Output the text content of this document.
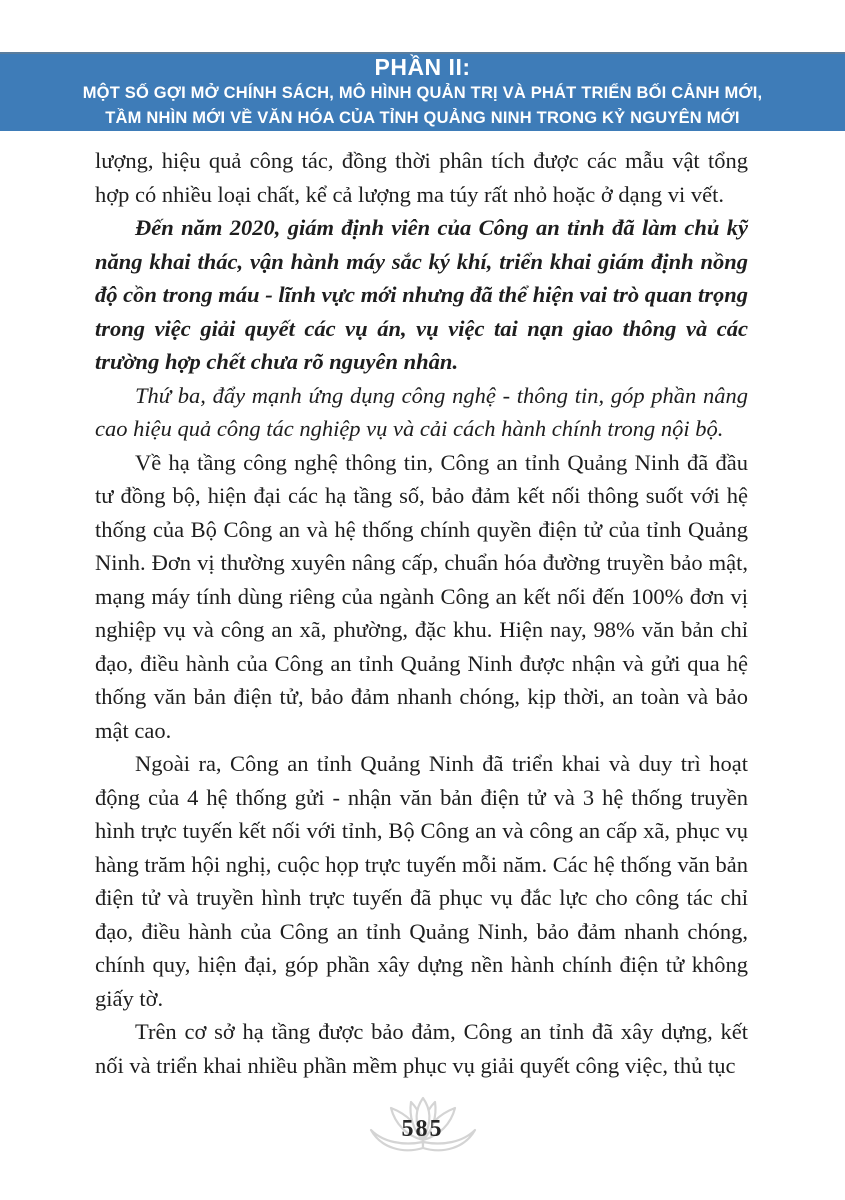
PHẦN II:
MỘT SỐ GỢI MỞ CHÍNH SÁCH, MÔ HÌNH QUẢN TRỊ VÀ PHÁT TRIỂN BỐI CẢNH MỚI,
TẦM NHÌN MỚI VỀ VĂN HÓA CỦA TỈNH QUẢNG NINH TRONG KỶ NGUYÊN MỚI

lượng, hiệu quả công tác, đồng thời phân tích được các mẫu vật tổng hợp có nhiều loại chất, kể cả lượng ma túy rất nhỏ hoặc ở dạng vi vết.

Đến năm 2020, giám định viên của Công an tỉnh đã làm chủ kỹ năng khai thác, vận hành máy sắc ký khí, triển khai giám định nồng độ cồn trong máu - lĩnh vực mới nhưng đã thể hiện vai trò quan trọng trong việc giải quyết các vụ án, vụ việc tai nạn giao thông và các trường hợp chết chưa rõ nguyên nhân.

Thứ ba, đẩy mạnh ứng dụng công nghệ - thông tin, góp phần nâng cao hiệu quả công tác nghiệp vụ và cải cách hành chính trong nội bộ.

Về hạ tầng công nghệ thông tin, Công an tỉnh Quảng Ninh đã đầu tư đồng bộ, hiện đại các hạ tầng số, bảo đảm kết nối thông suốt với hệ thống của Bộ Công an và hệ thống chính quyền điện tử của tỉnh Quảng Ninh. Đơn vị thường xuyên nâng cấp, chuẩn hóa đường truyền bảo mật, mạng máy tính dùng riêng của ngành Công an kết nối đến 100% đơn vị nghiệp vụ và công an xã, phường, đặc khu. Hiện nay, 98% văn bản chỉ đạo, điều hành của Công an tỉnh Quảng Ninh được nhận và gửi qua hệ thống văn bản điện tử, bảo đảm nhanh chóng, kịp thời, an toàn và bảo mật cao.

Ngoài ra, Công an tỉnh Quảng Ninh đã triển khai và duy trì hoạt động của 4 hệ thống gửi - nhận văn bản điện tử và 3 hệ thống truyền hình trực tuyến kết nối với tỉnh, Bộ Công an và công an cấp xã, phục vụ hàng trăm hội nghị, cuộc họp trực tuyến mỗi năm. Các hệ thống văn bản điện tử và truyền hình trực tuyến đã phục vụ đắc lực cho công tác chỉ đạo, điều hành của Công an tỉnh Quảng Ninh, bảo đảm nhanh chóng, chính quy, hiện đại, góp phần xây dựng nền hành chính điện tử không giấy tờ.

Trên cơ sở hạ tầng được bảo đảm, Công an tỉnh đã xây dựng, kết nối và triển khai nhiều phần mềm phục vụ giải quyết công việc, thủ tục

585
